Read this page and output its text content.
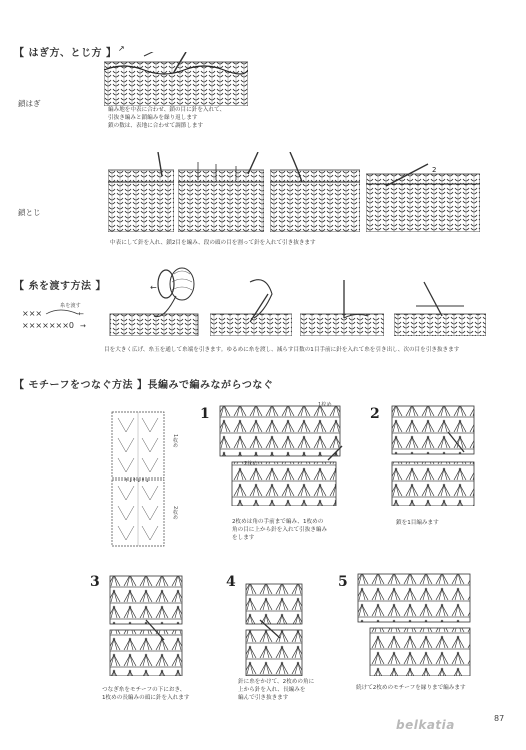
【 はぎ方、とじ方 】 ↗
鎖はぎ
編み地を中表に合わせ、鎖の目に針を入れて、
引抜き編みと鎖編みを繰り返します
鎖の数は、表地に合わせて調節します
2
鎖とじ
中表にして針を入れ、鎖2目を編み、段の頭の目を割って針を入れて引き抜きます
【 糸を渡す方法 】
糸を渡す
×××	←
×××××××0 →
←
目を大きく広げ、糸玉を通して糸端を引きます。ゆるめに糸を渡し、減らす目数の1目手前に針を入れて糸を引き出し、次の目を引き抜きます
【 モチーフをつなぐ方法 】長編みで編みながらつなぐ
↑↓↑↓↑↓
1枚め
2枚め
1
1枚め
2枚め
2枚めは角の手前まで編み、1枚めの
角の目に上から針を入れて引抜き編み
をします
2
鎖を1目編みます
3
つなぎ糸をモチーフの下におき、
1枚めの長編みの頭に針を入れます
4
針に糸をかけて、2枚めの角に
上から針を入れ、長編みを
編んで引き抜きます
5
続けて2枚めのモチーフを縁りまで編みます
belkatia	87
